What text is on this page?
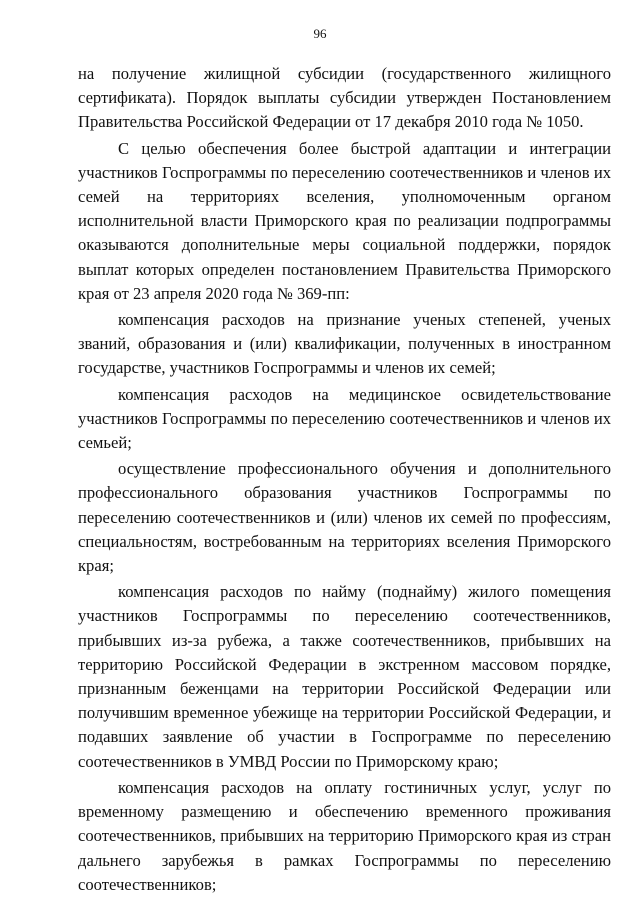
96

на получение жилищной субсидии (государственного жилищного сертификата). Порядок выплаты субсидии утвержден Постановлением Правительства Российской Федерации от 17 декабря 2010 года № 1050.

С целью обеспечения более быстрой адаптации и интеграции участников Госпрограммы по переселению соотечественников и членов их семей на территориях вселения, уполномоченным органом исполнительной власти Приморского края по реализации подпрограммы оказываются дополнительные меры социальной поддержки, порядок выплат которых определен постановлением Правительства Приморского края от 23 апреля 2020 года № 369-пп:

компенсация расходов на признание ученых степеней, ученых званий, образования и (или) квалификации, полученных в иностранном государстве, участников Госпрограммы и членов их семей;

компенсация расходов на медицинское освидетельствование участников Госпрограммы по переселению соотечественников и членов их семьей;

осуществление профессионального обучения и дополнительного профессионального образования участников Госпрограммы по переселению соотечественников и (или) членов их семей по профессиям, специальностям, востребованным на территориях вселения Приморского края;

компенсация расходов по найму (поднайму) жилого помещения участников Госпрограммы по переселению соотечественников, прибывших из-за рубежа, а также соотечественников, прибывших на территорию Российской Федерации в экстренном массовом порядке, признанным беженцами на территории Российской Федерации или получившим временное убежище на территории Российской Федерации, и подавших заявление об участии в Госпрограмме по переселению соотечественников в УМВД России по Приморскому краю;

компенсация расходов на оплату гостиничных услуг, услуг по временному размещению и обеспечению временного проживания соотечественников, прибывших на территорию Приморского края из стран дальнего зарубежья в рамках Госпрограммы по переселению соотечественников;
